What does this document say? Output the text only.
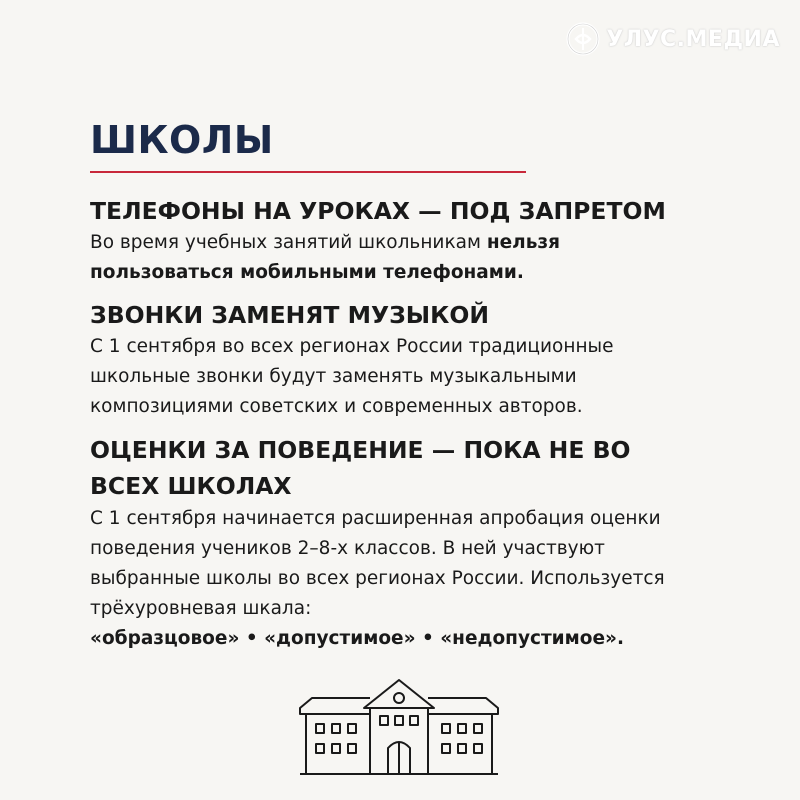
УЛУС.МЕДИА
ШКОЛЫ
ТЕЛЕФОНЫ НА УРОКАХ — ПОД ЗАПРЕТОМ

Во время учебных занятий школьникам нельзя пользоваться мобильными телефонами.

ЗВОНКИ ЗАМЕНЯТ МУЗЫКОЙ

С 1 сентября во всех регионах России традиционные школьные звонки будут заменять музыкальными композициями советских и современных авторов.

ОЦЕНКИ ЗА ПОВЕДЕНИЕ — ПОКА НЕ ВО ВСЕХ ШКОЛАХ

С 1 сентября начинается расширенная апробация оценки поведения учеников 2–8-х классов. В ней участвуют выбранные школы во всех регионах России. Используется трёхуровневая шкала:

«образцовое» • «допустимое» • «недопустимое».
